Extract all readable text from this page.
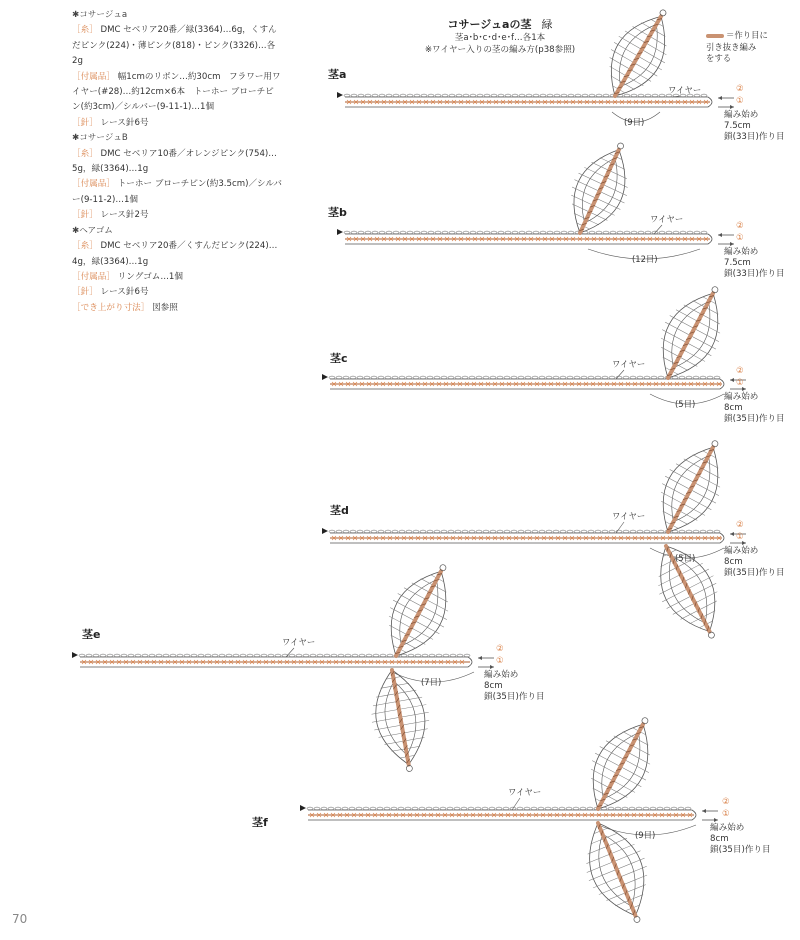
✱コサージュa

［糸］ DMC セベリア20番／緑(3364)…6g，くすんだピンク(224)・薄ピンク(818)・ピンク(3326)…各2g

［付属品］ 幅1cmのリボン…約30cm　フラワー用ワイヤー(#28)…約12cm×6本　トーホー ブローチピン(約3cm)／シルバー(9-11-1)…1個

［針］ レース針6号

✱コサージュB

［糸］ DMC セベリア10番／オレンジピンク(754)…5g，緑(3364)…1g

［付属品］ トーホー ブローチピン(約3.5cm)／シルバー(9-11-2)…1個

［針］ レース針2号

✱ヘアゴム

［糸］ DMC セベリア20番／くすんだピンク(224)…4g，緑(3364)…1g

［付属品］ リングゴム…1個

［針］ レース針6号

［でき上がり寸法］ 図参照

コサージュaの茎 緑
茎a･b･c･d･e･f…各1本
※ワイヤー入りの茎の編み方(p38参照)
＝作り目に
引き抜き編み
をする
茎a
ワイヤー
(9目)
②
①
編み始め
7.5cm
鎖(33目)作り目
茎b	ワイヤー
(12目)
②
①
編み始め
7.5cm
鎖(33目)作り目
茎c	ワイヤー
(5目)
②
①
編み始め
8cm
鎖(35目)作り目
茎d	ワイヤー
(5目)
②
①
編み始め
8cm
鎖(35目)作り目
茎e
ワイヤー
(7目)
②
①
編み始め
8cm
鎖(35目)作り目
茎f
ワイヤー
(9目)
②
①
編み始め
8cm
鎖(35目)作り目
70
